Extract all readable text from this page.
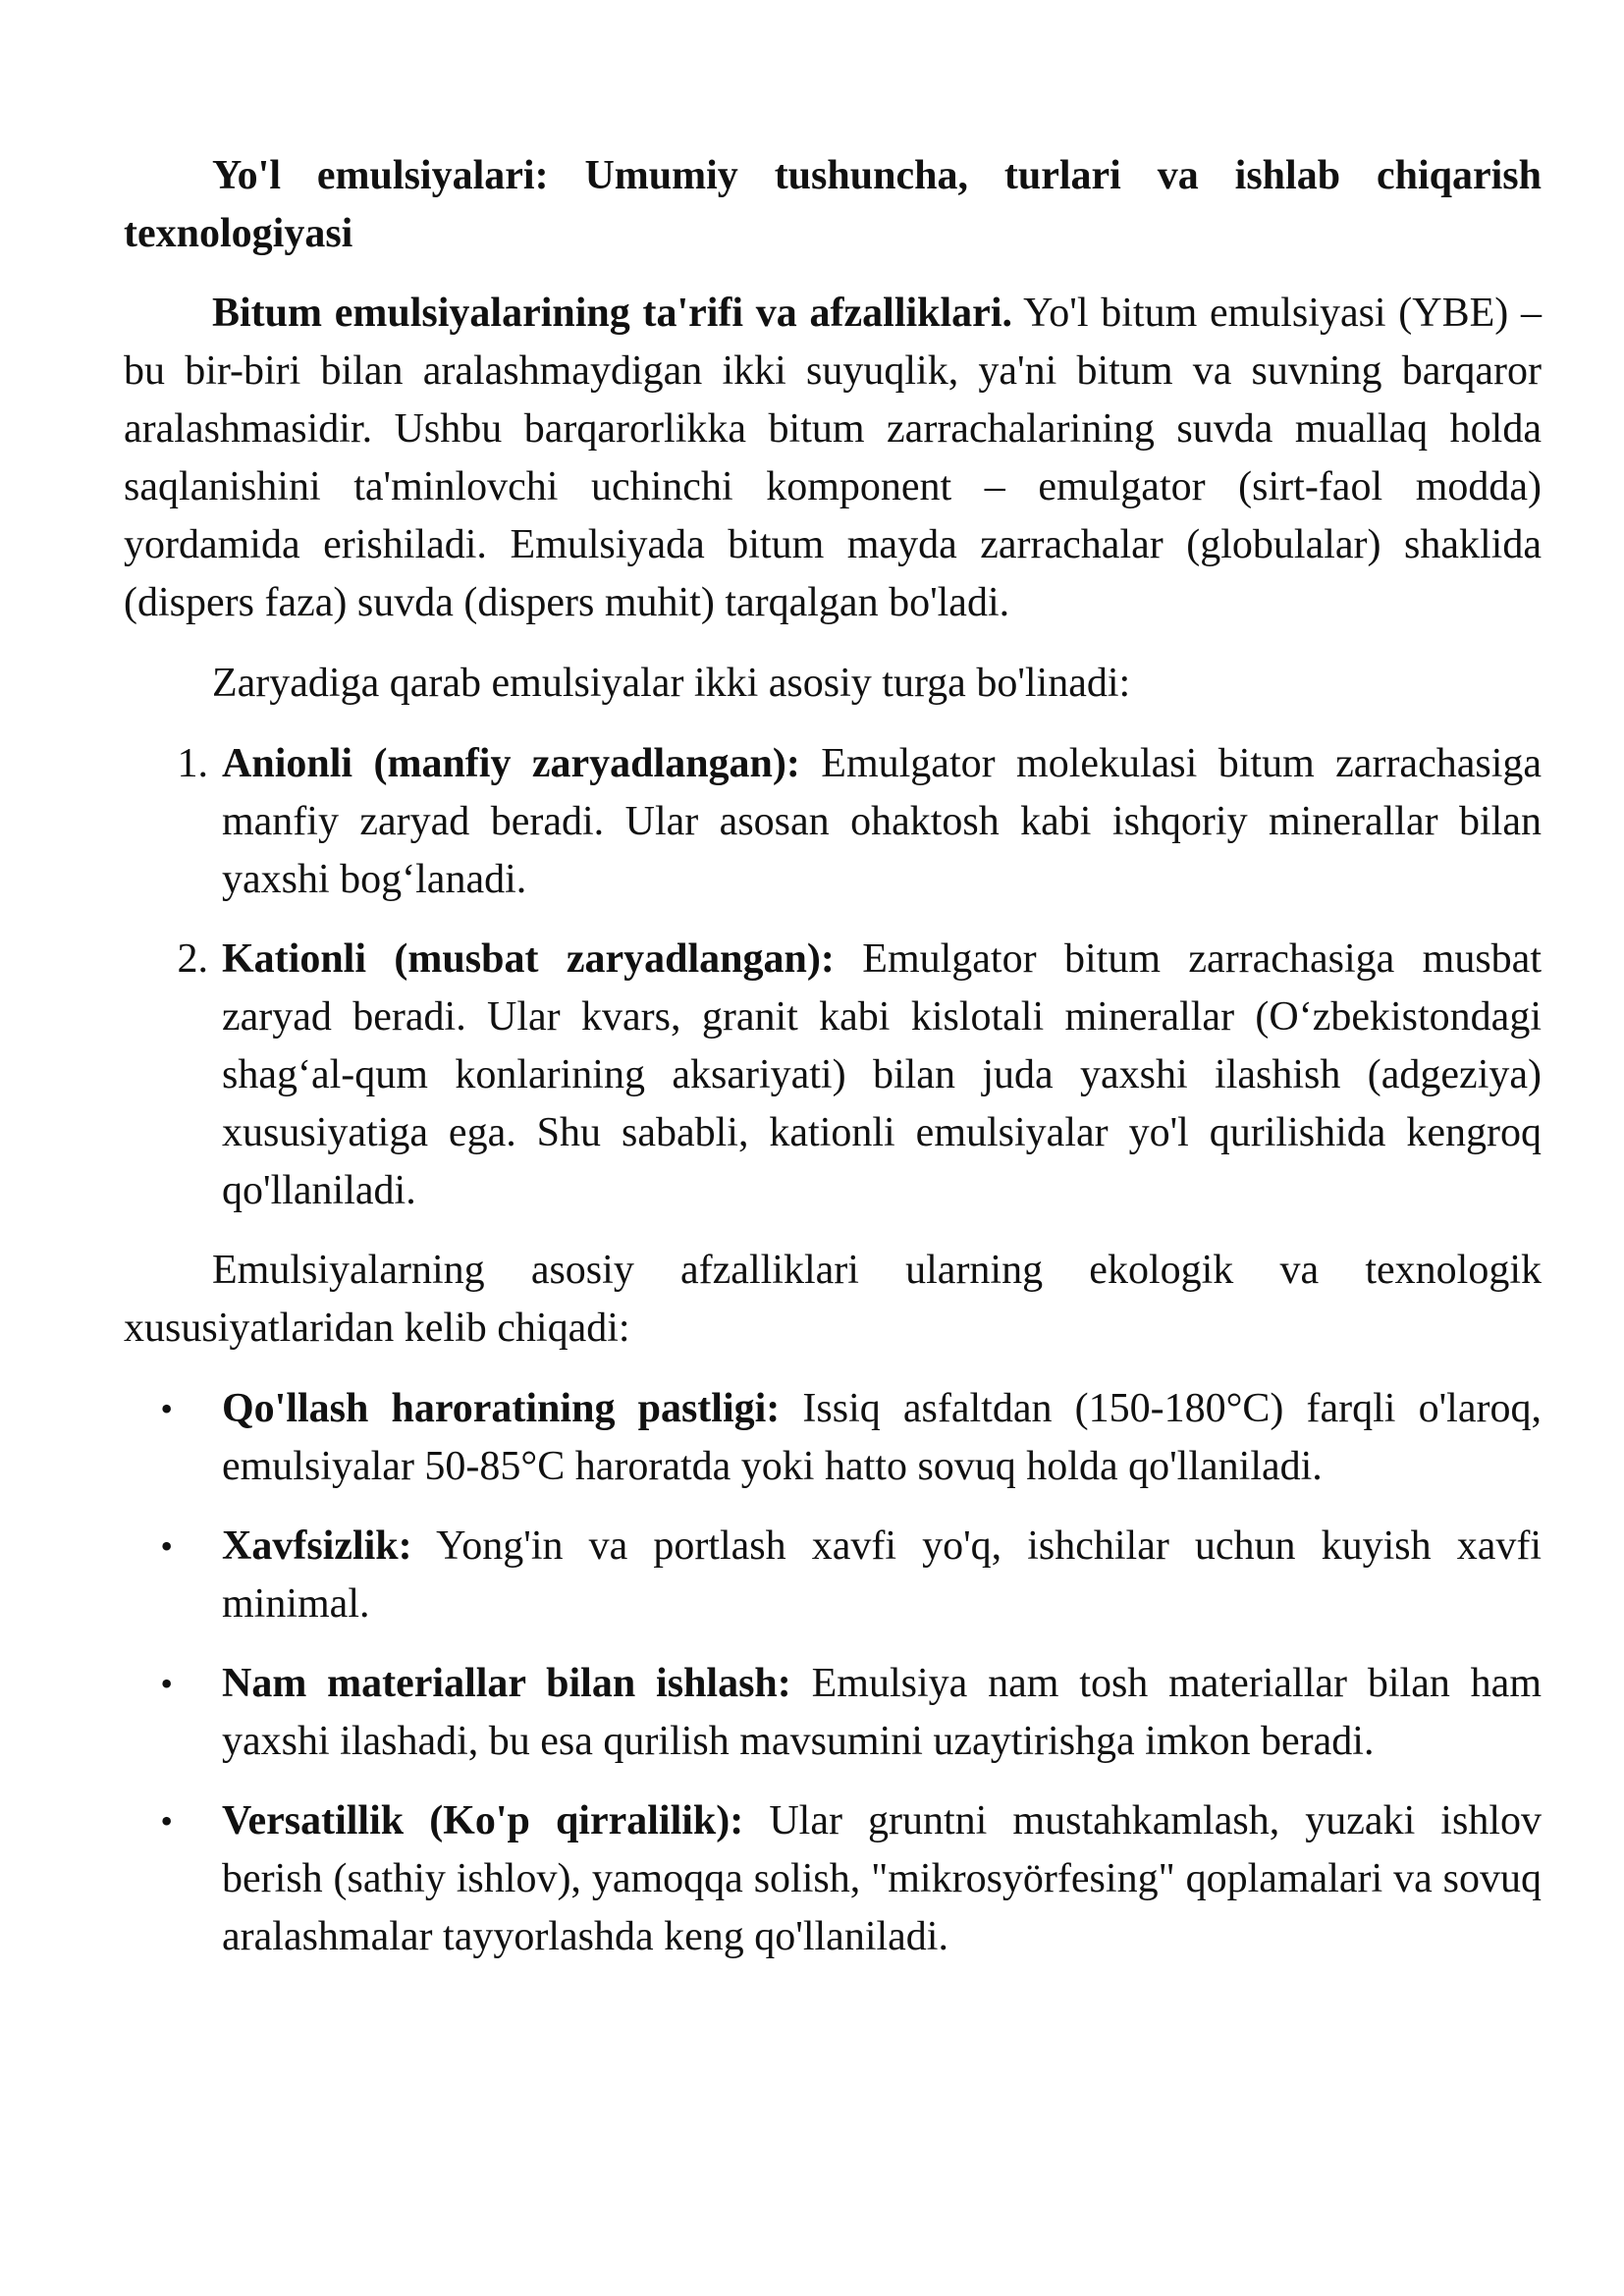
Yo'l emulsiyalari: Umumiy tushuncha, turlari va ishlab chiqarish texnologiyasi

Bitum emulsiyalarining ta'rifi va afzalliklari. Yo'l bitum emulsiyasi (YBE) – bu bir-biri bilan aralashmaydigan ikki suyuqlik, ya'ni bitum va suvning barqaror aralashmasidir. Ushbu barqarorlikka bitum zarrachalarining suvda muallaq holda saqlanishini ta'minlovchi uchinchi komponent – emulgator (sirt-faol modda) yordamida erishiladi. Emulsiyada bitum mayda zarrachalar (globulalar) shaklida (dispers faza) suvda (dispers muhit) tarqalgan bo'ladi.

Zaryadiga qarab emulsiyalar ikki asosiy turga bo'linadi:

1. Anionli (manfiy zaryadlangan): Emulgator molekulasi bitum zarrachasiga manfiy zaryad beradi. Ular asosan ohaktosh kabi ishqoriy minerallar bilan yaxshi bog‘lanadi.
2. Kationli (musbat zaryadlangan): Emulgator bitum zarrachasiga musbat zaryad beradi. Ular kvars, granit kabi kislotali minerallar (O‘zbekistondagi shag‘al-qum konlarining aksariyati) bilan juda yaxshi ilashish (adgeziya) xususiyatiga ega. Shu sababli, kationli emulsiyalar yo'l qurilishida kengroq qo'llaniladi.

Emulsiyalarning asosiy afzalliklari ularning ekologik va texnologik xususiyatlaridan kelib chiqadi:

• Qo'llash haroratining pastligi: Issiq asfaltdan (150-180°C) farqli o'laroq, emulsiyalar 50-85°C haroratda yoki hatto sovuq holda qo'llaniladi.
• Xavfsizlik: Yong'in va portlash xavfi yo'q, ishchilar uchun kuyish xavfi minimal.
• Nam materiallar bilan ishlash: Emulsiya nam tosh materiallar bilan ham yaxshi ilashadi, bu esa qurilish mavsumini uzaytirishga imkon beradi.
• Versatillik (Ko'p qirralilik): Ular gruntni mustahkamlash, yuzaki ishlov berish (sathiy ishlov), yamoqqa solish, "mikrosyörfesing" qoplamalari va sovuq aralashmalar tayyorlashda keng qo'llaniladi.
